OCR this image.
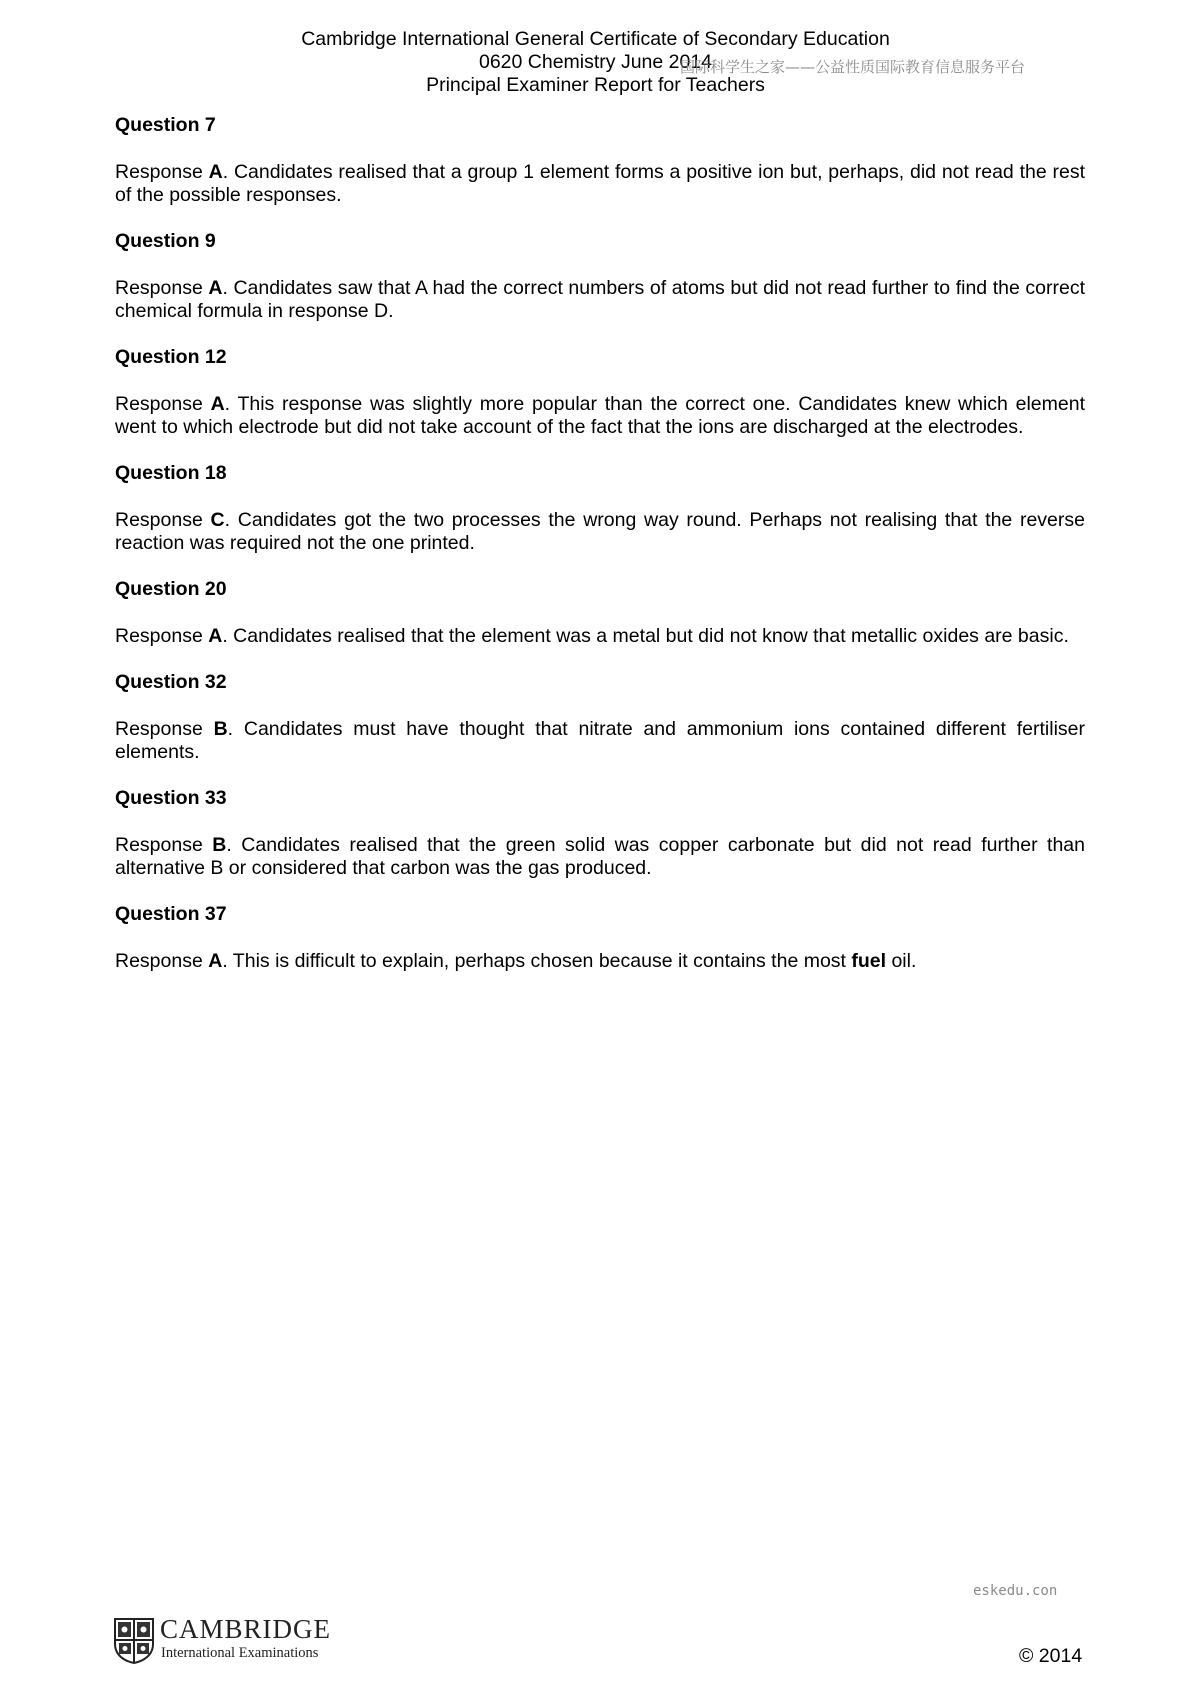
Cambridge International General Certificate of Secondary Education
0620 Chemistry June 2014
Principal Examiner Report for Teachers
国际科学生之家——公益性质国际教育信息服务平台
Question 7
Response A. Candidates realised that a group 1 element forms a positive ion but, perhaps, did not read the rest of the possible responses.
Question 9
Response A. Candidates saw that A had the correct numbers of atoms but did not read further to find the correct chemical formula in response D.
Question 12
Response A. This response was slightly more popular than the correct one. Candidates knew which element went to which electrode but did not take account of the fact that the ions are discharged at the electrodes.
Question 18
Response C. Candidates got the two processes the wrong way round. Perhaps not realising that the reverse reaction was required not the one printed.
Question 20
Response A. Candidates realised that the element was a metal but did not know that metallic oxides are basic.
Question 32
Response B. Candidates must have thought that nitrate and ammonium ions contained different fertiliser elements.
Question 33
Response B. Candidates realised that the green solid was copper carbonate but did not read further than alternative B or considered that carbon was the gas produced.
Question 37
Response A. This is difficult to explain, perhaps chosen because it contains the most fuel oil.
eskedu.con
CAMBRIDGE
International Examinations	© 2014
